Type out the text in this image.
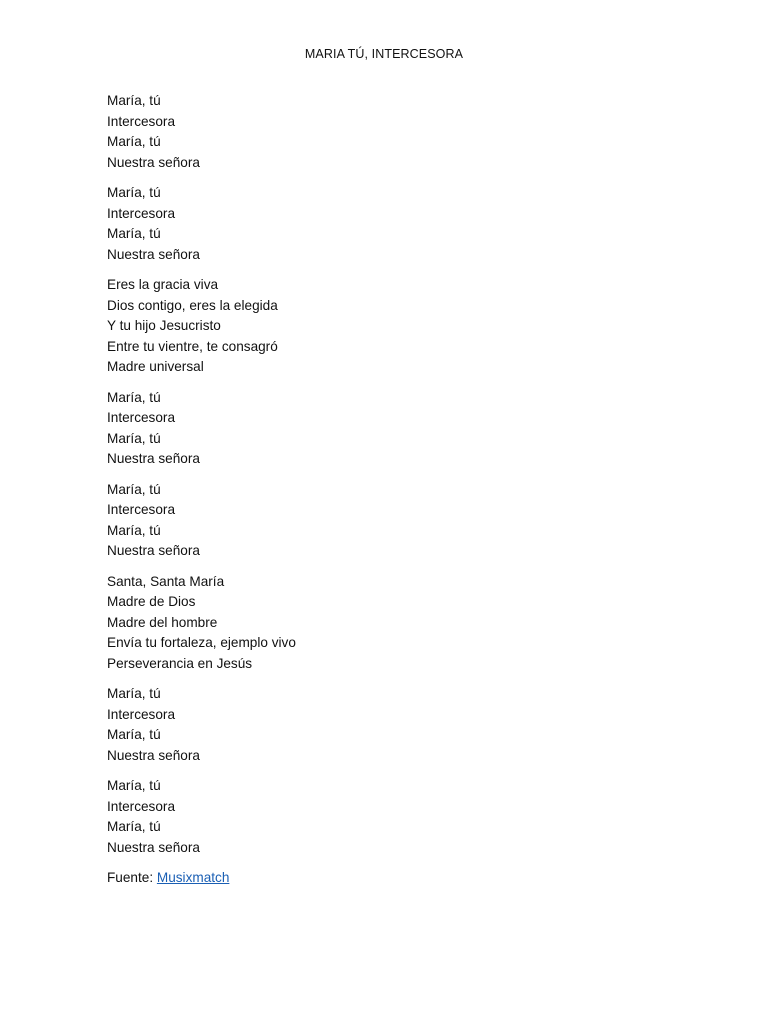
MARIA TÚ, INTERCESORA
María, tú
Intercesora
María, tú
Nuestra señora
María, tú
Intercesora
María, tú
Nuestra señora
Eres la gracia viva
Dios contigo, eres la elegida
Y tu hijo Jesucristo
Entre tu vientre, te consagró
Madre universal
María, tú
Intercesora
María, tú
Nuestra señora
María, tú
Intercesora
María, tú
Nuestra señora
Santa, Santa María
Madre de Dios
Madre del hombre
Envía tu fortaleza, ejemplo vivo
Perseverancia en Jesús
María, tú
Intercesora
María, tú
Nuestra señora
María, tú
Intercesora
María, tú
Nuestra señora
Fuente: Musixmatch
